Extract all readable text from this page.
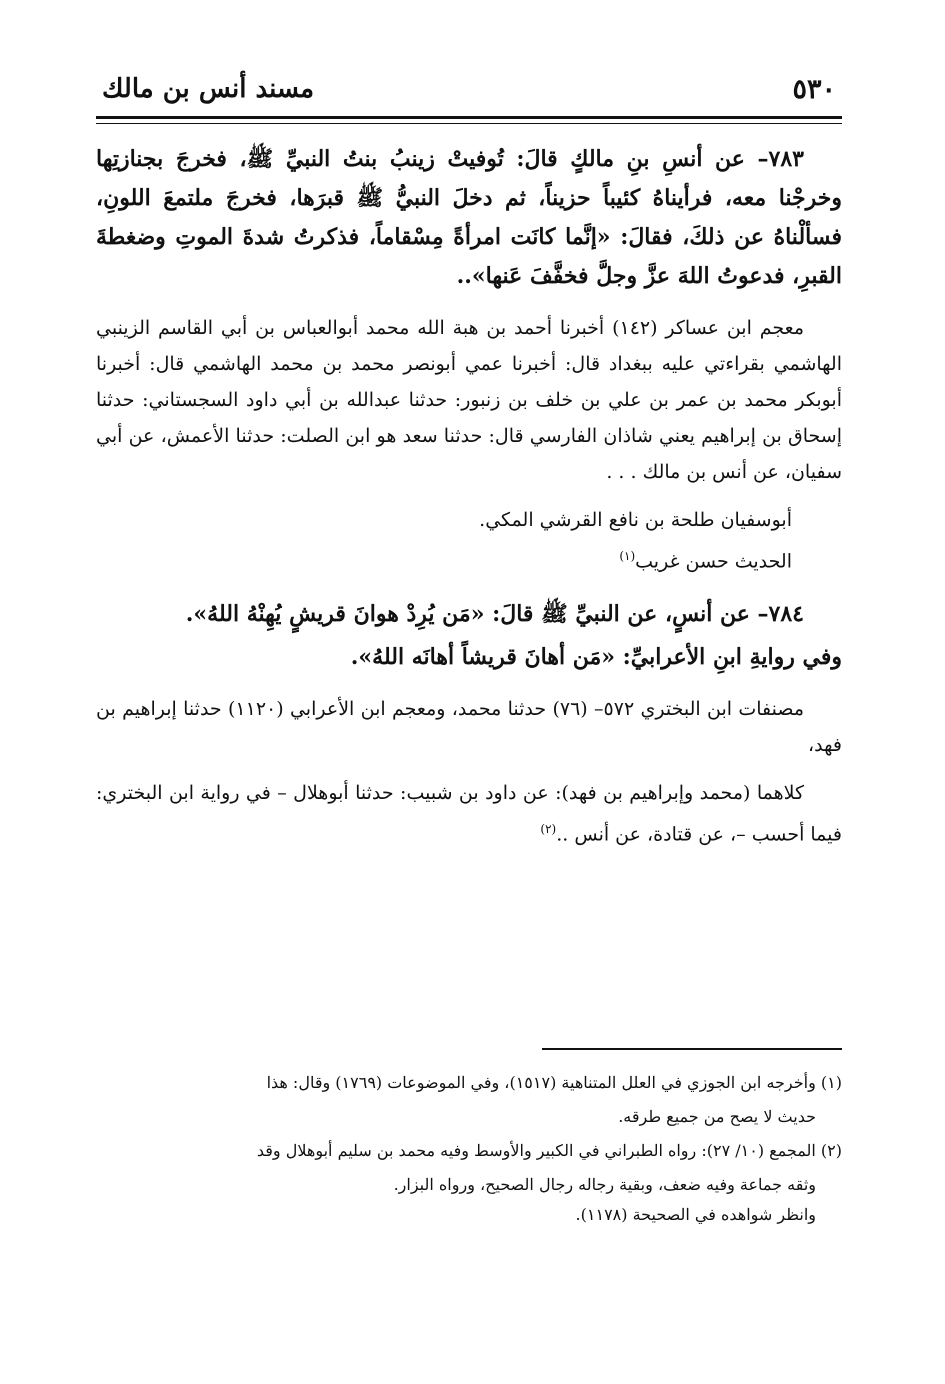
٥٣٠
مسند أنس بن مالك

٧٨٣– عن أنسِ بنِ مالكٍ قالَ: تُوفيتْ زينبُ بنتُ النبيِّ ﷺ، فخرجَ بجنازتِها وخرجْنا معه، فرأيناهُ كئيباً حزيناً، ثم دخلَ النبيُّ ﷺ قبرَها، فخرجَ ملتمعَ اللونِ، فسألْناهُ عن ذلكَ، فقالَ: «إنَّما كانَت امرأةً مِسْقاماً، فذكرتُ شدةَ الموتِ وضغطةَ القبرِ، فدعوتُ اللهَ عزَّ وجلَّ فخفَّفَ عَنها»..

معجم ابن عساكر (١٤٢) أخبرنا أحمد بن هبة الله محمد أبوالعباس بن أبي القاسم الزينبي الهاشمي بقراءتي عليه ببغداد قال: أخبرنا عمي أبونصر محمد بن محمد الهاشمي قال: أخبرنا أبوبكر محمد بن عمر بن علي بن خلف بن زنبور: حدثنا عبدالله بن أبي داود السجستاني: حدثنا إسحاق بن إبراهيم يعني شاذان الفارسي قال: حدثنا سعد هو ابن الصلت: حدثنا الأعمش، عن أبي سفيان، عن أنس بن مالك . . .

أبوسفيان طلحة بن نافع القرشي المكي.

الحديث حسن غريب$^{(١)}$

٧٨٤– عن أنسٍ، عن النبيِّ ﷺ قالَ: «مَن يُرِدْ هوانَ قريشٍ يُهِنْهُ اللهُ».

وفي روايةِ ابنِ الأعرابيِّ: «مَن أهانَ قريشاً أهانَه اللهُ».

مصنفات ابن البختري ٥٧٢– (٧٦) حدثنا محمد، ومعجم ابن الأعرابي (١١٢٠) حدثنا إبراهيم بن فهد،

كلاهما (محمد وإبراهيم بن فهد): عن داود بن شبيب: حدثنا أبوهلال – في رواية ابن البختري: فيما أحسب –، عن قتادة، عن أنس ..$^{(٢)}$

(١) وأخرجه ابن الجوزي في العلل المتناهية (١٥١٧)، وفي الموضوعات (١٧٦٩) وقال: هذا

حديث لا يصح من جميع طرقه.

(٢) المجمع (١٠/ ٢٧): رواه الطبراني في الكبير والأوسط وفيه محمد بن سليم أبوهلال وقد

وثقه جماعة وفيه ضعف، وبقية رجاله رجال الصحيح، ورواه البزار.

وانظر شواهده في الصحيحة (١١٧٨).
